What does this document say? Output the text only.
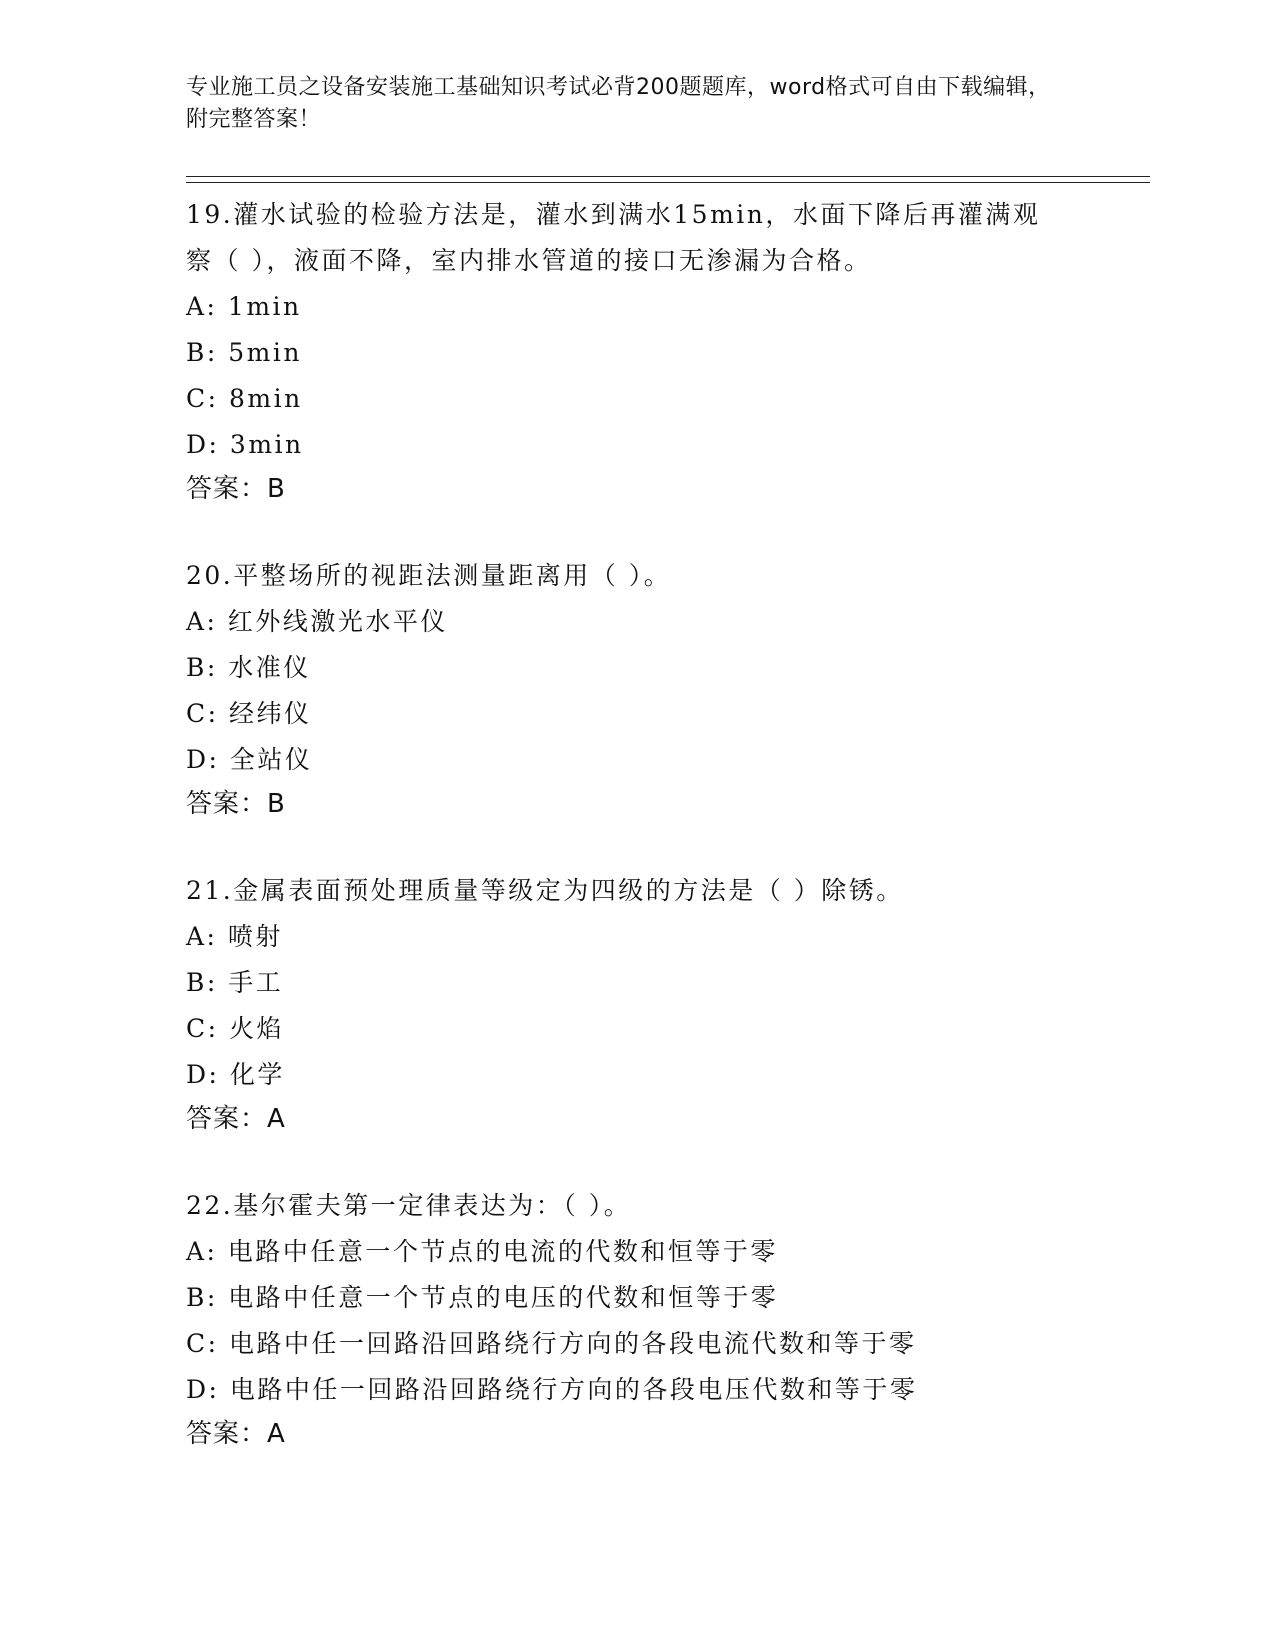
专业施工员之设备安装施工基础知识考试必背200题题库，word格式可自由下载编辑，附完整答案！

19.灌水试验的检验方法是，灌水到满水15min，水面下降后再灌满观察（ ），液面不降，室内排水管道的接口无渗漏为合格。

A: 1min

B: 5min

C: 8min

D: 3min

答案：B

20.平整场所的视距法测量距离用（ ）。

A: 红外线激光水平仪

B: 水准仪

C: 经纬仪

D: 全站仪

答案：B

21.金属表面预处理质量等级定为四级的方法是（ ）除锈。

A: 喷射

B: 手工

C: 火焰

D: 化学

答案：A

22.基尔霍夫第一定律表达为：（ ）。

A: 电路中任意一个节点的电流的代数和恒等于零

B: 电路中任意一个节点的电压的代数和恒等于零

C: 电路中任一回路沿回路绕行方向的各段电流代数和等于零

D: 电路中任一回路沿回路绕行方向的各段电压代数和等于零

答案：A
